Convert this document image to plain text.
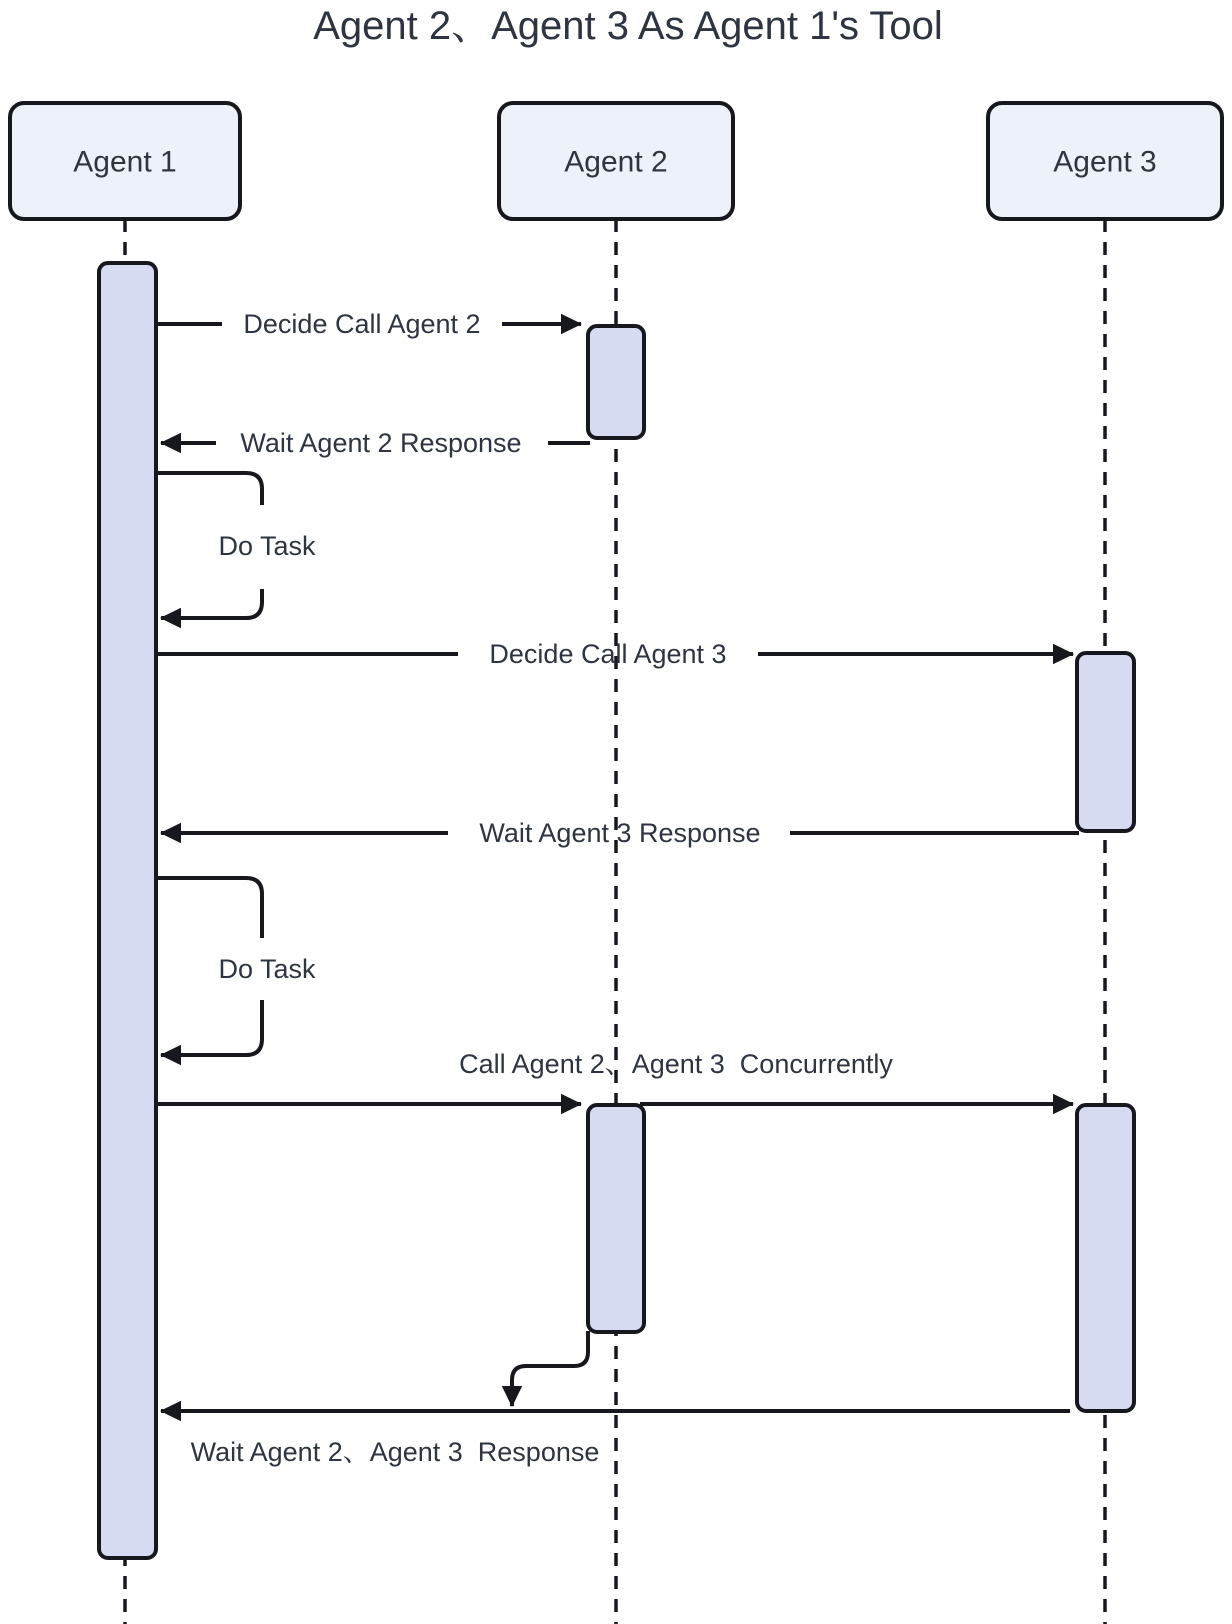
Agent 2、Agent 3 As Agent 1's Tool
Agent 1	Agent 2	Agent 3
Decide Call Agent 2
Wait Agent 2 Response
Do Task
Decide Call Agent 3
Wait Agent 3 Response
Do Task
Call Agent 2、Agent 3  Concurrently
Wait Agent 2、Agent 3  Response
